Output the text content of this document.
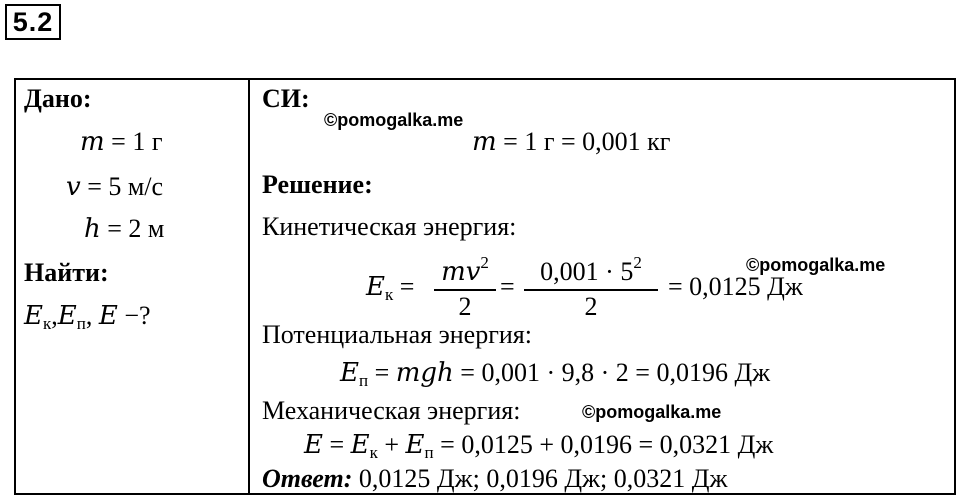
5.2
Дано:
𝑚 = 1 г
𝑣 = 5 м/с
ℎ = 2 м
Найти:
𝐸$_к$,𝐸$_п$, 𝐸 −?
СИ:
©pomogalka.me
𝑚 = 1 г = 0,001 кг
Решение:
Кинетическая энергия:
©pomogalka.me
𝐸$_к$ =
𝑚𝑣$^2$
2
=
$0,001 \cdot 5^2$
2
= 0,0125 Дж
Потенциальная энергия:
𝐸$_п$ = 𝑚𝑔ℎ = 0,001 · 9,8 · 2 = 0,0196 Дж
Механическая энергия:	©pomogalka.me
𝐸 = 𝐸$_к$ + 𝐸$_п$ = 0,0125 + 0,0196 = 0,0321 Дж
Ответ: 0,0125 Дж; 0,0196 Дж; 0,0321 Дж
